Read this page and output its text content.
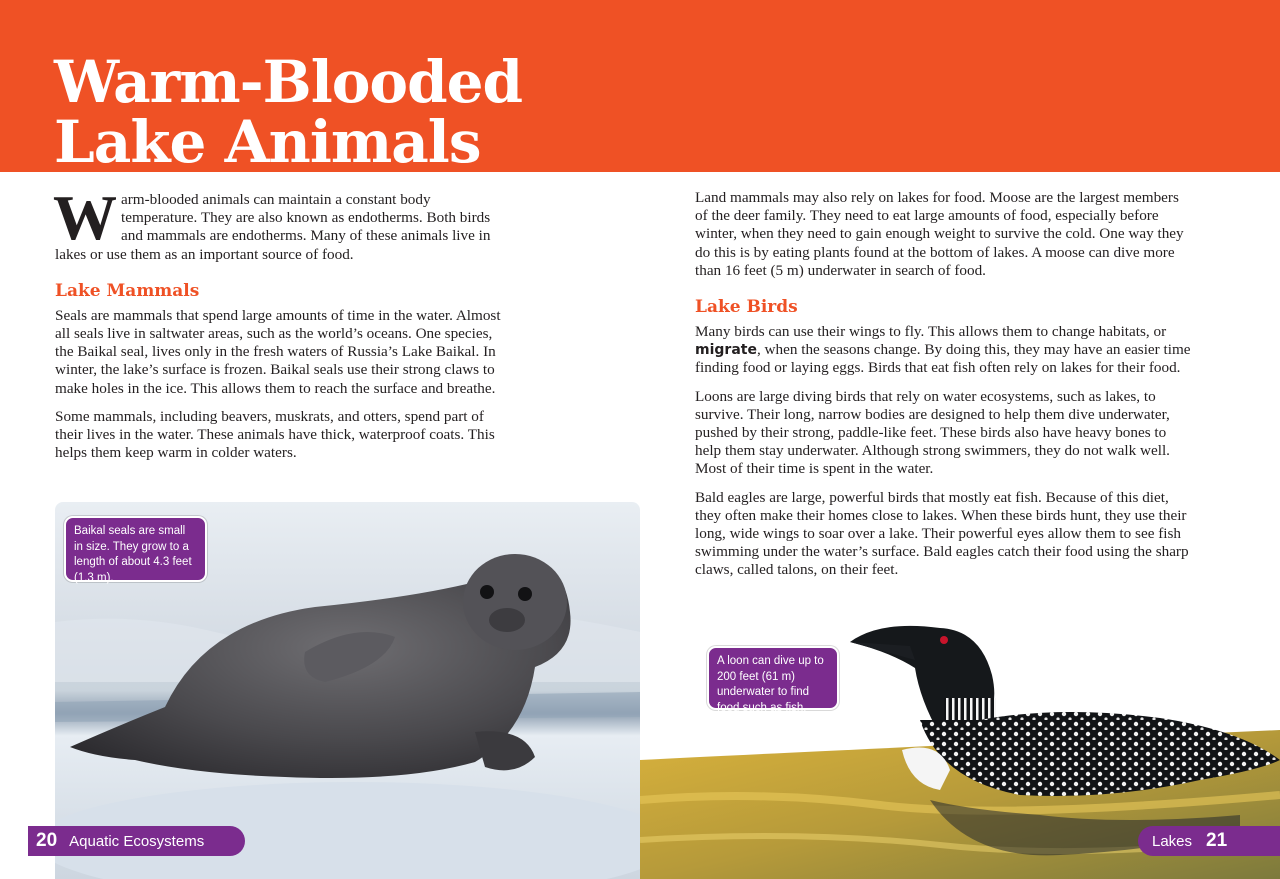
Warm-Blooded
Lake Animals

Warm-blooded animals can maintain a constant body temperature. They are also known as endotherms. Both birds and mammals are endotherms. Many of these animals live in lakes or use them as an important source of food.

Lake Mammals

Seals are mammals that spend large amounts of time in the water. Almost all seals live in saltwater areas, such as the world’s oceans. One species, the Baikal seal, lives only in the fresh waters of Russia’s Lake Baikal. In winter, the lake’s surface is frozen. Baikal seals use their strong claws to make holes in the ice. This allows them to reach the surface and breathe.

Some mammals, including beavers, muskrats, and otters, spend part of their lives in the water. These animals have thick, waterproof coats. This helps them keep warm in colder waters.

Land mammals may also rely on lakes for food. Moose are the largest members of the deer family. They need to eat large amounts of food, especially before winter, when they need to gain enough weight to survive the cold. One way they do this is by eating plants found at the bottom of lakes. A moose can dive more than 16 feet (5 m) underwater in search of food.

Lake Birds

Many birds can use their wings to fly. This allows them to change habitats, or migrate, when the seasons change. By doing this, they may have an easier time finding food or laying eggs. Birds that eat fish often rely on lakes for their food.

Loons are large diving birds that rely on water ecosystems, such as lakes, to survive. Their long, narrow bodies are designed to help them dive underwater, pushed by their strong, paddle-like feet. These birds also have heavy bones to help them stay underwater. Although strong swimmers, they do not walk well. Most of their time is spent in the water.

Bald eagles are large, powerful birds that mostly eat fish. Because of this diet, they often make their homes close to lakes. When these birds hunt, they use their long, wide wings to soar over a lake. Their powerful eyes allow them to see fish swimming under the water’s surface. Bald eagles catch their food using the sharp claws, called talons, on their feet.

Baikal seals are small in size. They grow to a length of about 4.3 feet (1.3 m).
A loon can dive up to 200 feet (61 m) underwater to find food such as fish.
20 Aquatic Ecosystems	Lakes 21
